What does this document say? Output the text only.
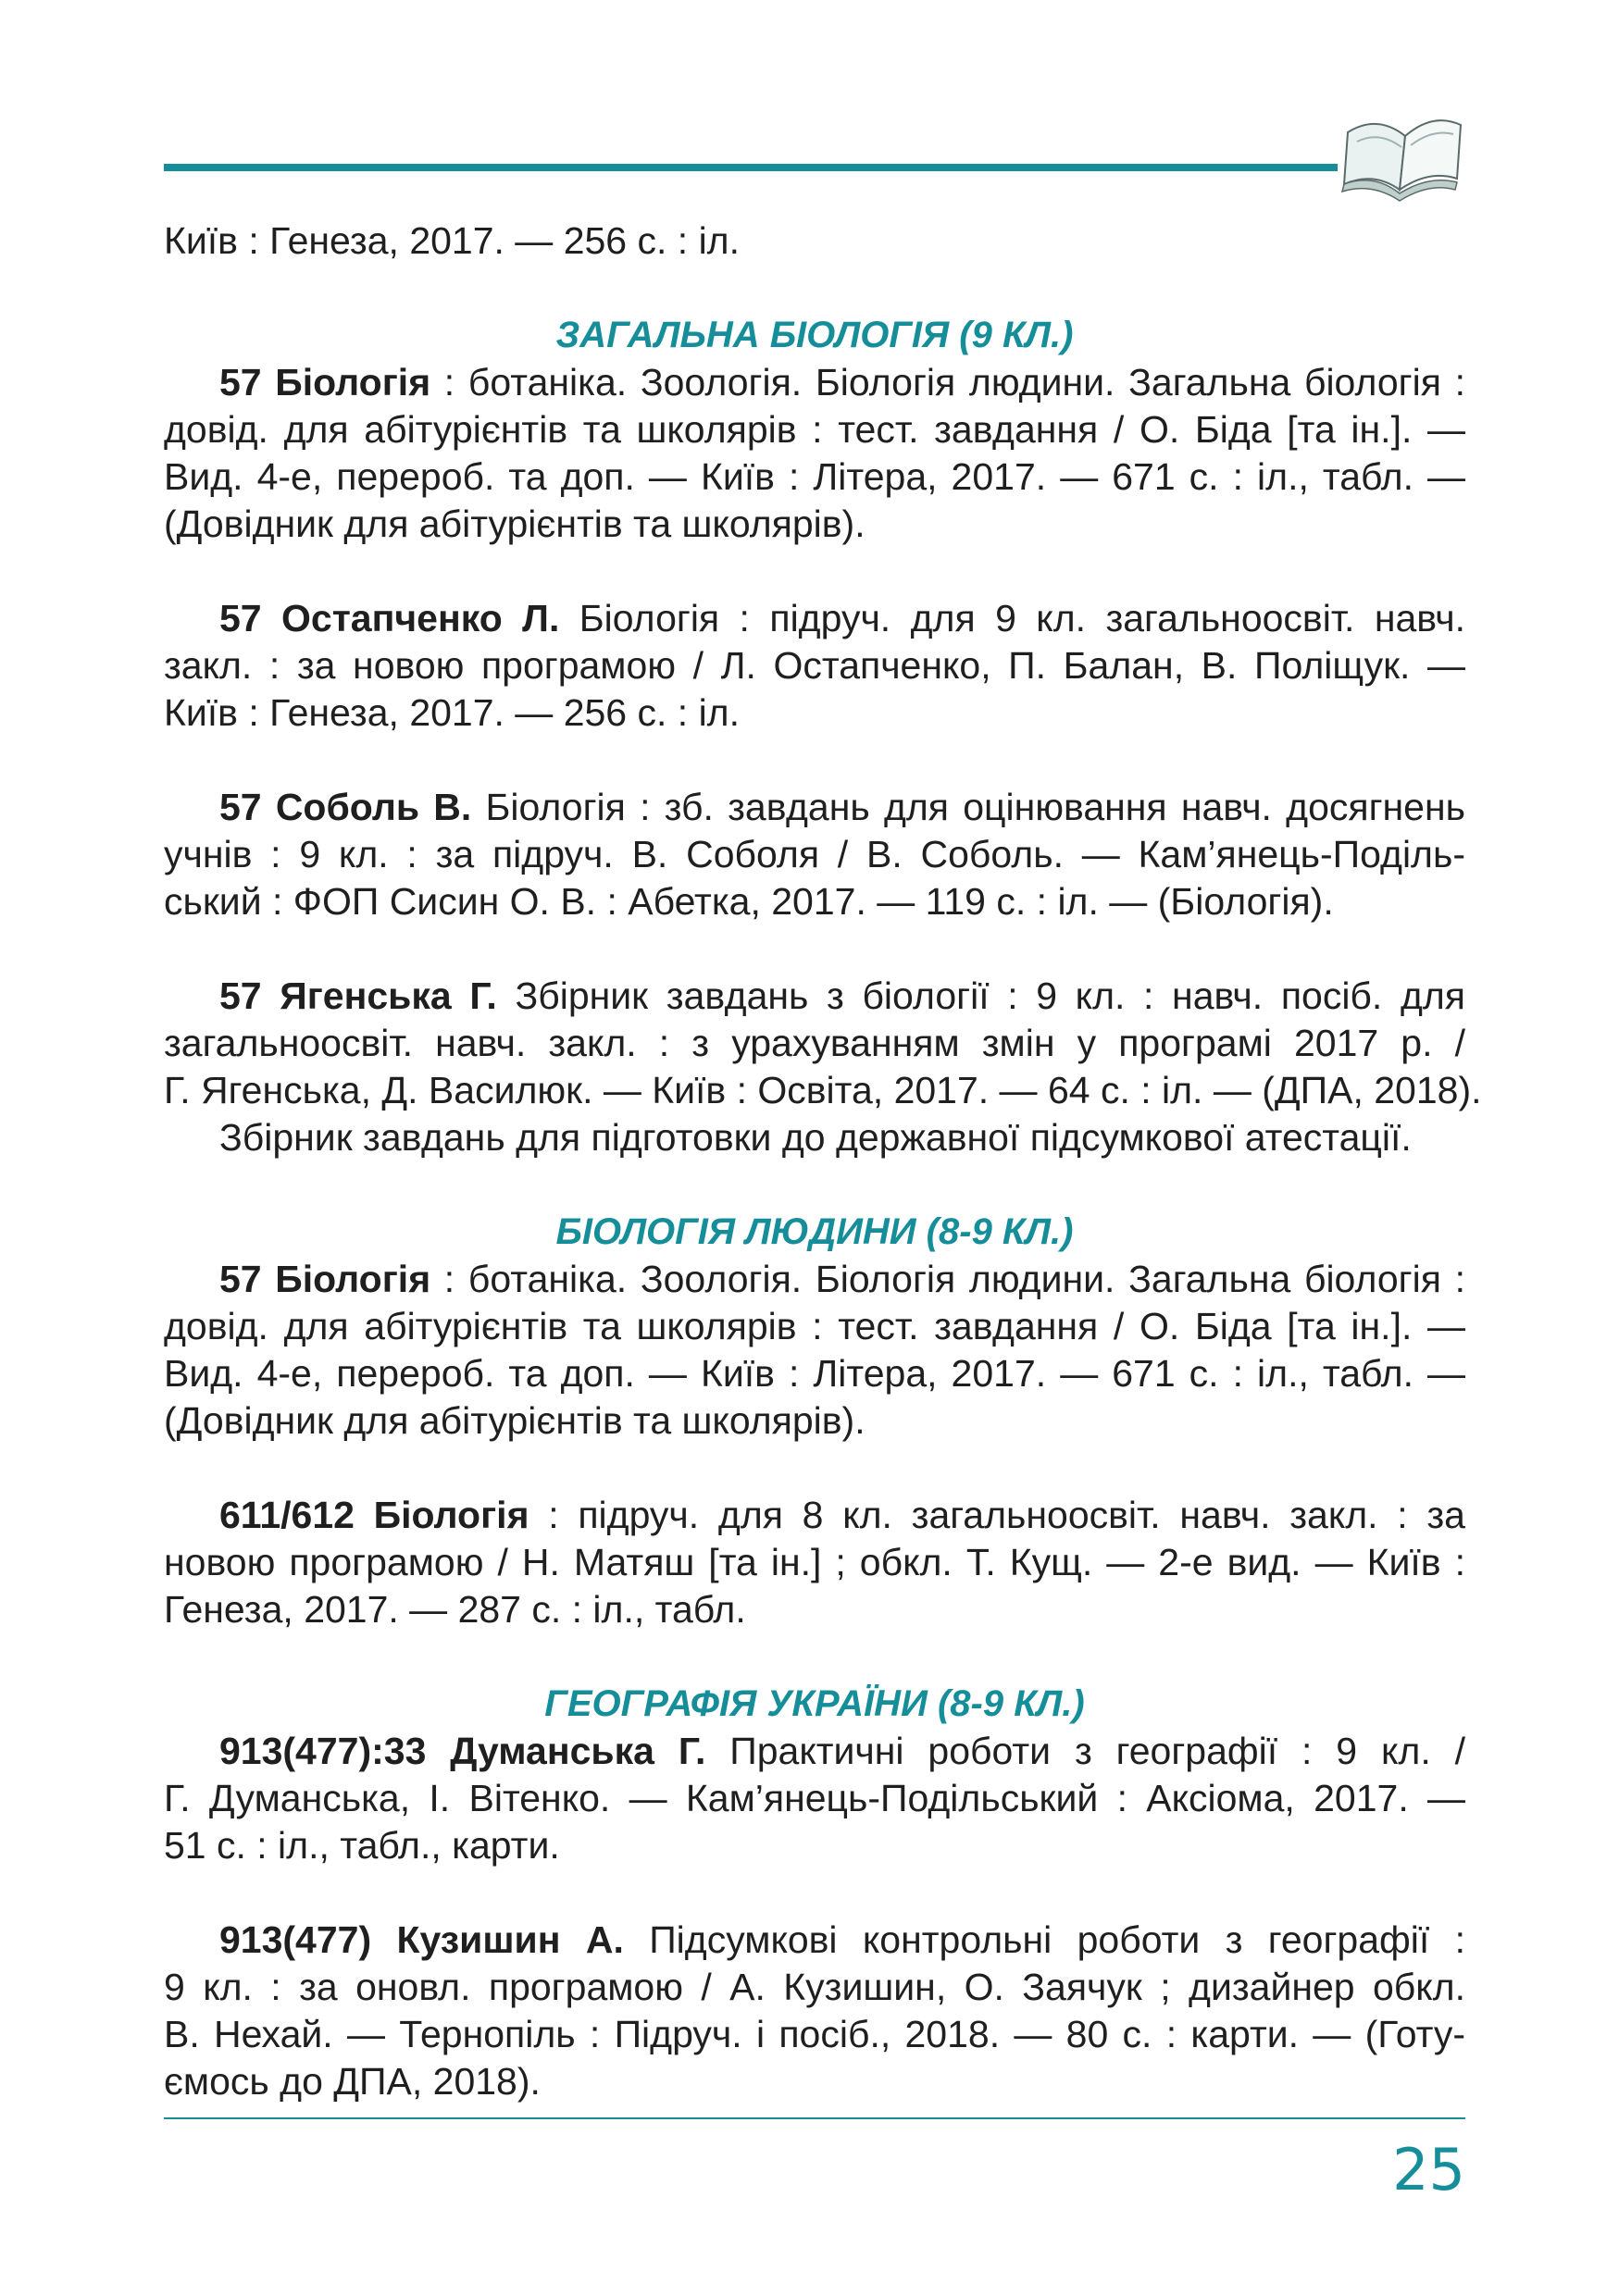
Київ : Генеза, 2017. — 256 с. : іл.

ЗАГАЛЬНА БІОЛОГІЯ (9 КЛ.)

57 Біологія : ботаніка. Зоологія. Біологія людини. Загальна біологія :

довід. для абітурієнтів та школярів : тест. завдання / О. Біда [та ін.]. —

Вид. 4-е, перероб. та доп. — Київ : Літера, 2017. — 671 с. : іл., табл. —

(Довідник для абітурієнтів та школярів).

57 Остапченко Л. Біологія : підруч. для 9 кл. загальноосвіт. навч.

закл. : за новою програмою / Л. Остапченко, П. Балан, В. Поліщук. —

Київ : Генеза, 2017. — 256 с. : іл.

57 Соболь В. Біологія : зб. завдань для оцінювання навч. досягнень

учнів : 9 кл. : за підруч. В. Соболя / В. Соболь. — Кам’янець-Поділь-

ський : ФОП Сисин О. В. : Абетка, 2017. — 119 с. : іл. — (Біологія).

57 Ягенська Г. Збірник завдань з біології : 9 кл. : навч. посіб. для

загальноосвіт. навч. закл. : з урахуванням змін у програмі 2017 р. /

Г. Ягенська, Д. Василюк. — Київ : Освіта, 2017. — 64 с. : іл. — (ДПА, 2018).

Збірник завдань для підготовки до державної підсумкової атестації.

БІОЛОГІЯ ЛЮДИНИ (8-9 КЛ.)

57 Біологія : ботаніка. Зоологія. Біологія людини. Загальна біологія :

довід. для абітурієнтів та школярів : тест. завдання / О. Біда [та ін.]. —

Вид. 4-е, перероб. та доп. — Київ : Літера, 2017. — 671 с. : іл., табл. —

(Довідник для абітурієнтів та школярів).

611/612 Біологія : підруч. для 8 кл. загальноосвіт. навч. закл. : за

новою програмою / Н. Матяш [та ін.] ; обкл. Т. Кущ. — 2-е вид. — Київ :

Генеза, 2017. — 287 с. : іл., табл.

ГЕОГРАФІЯ УКРАЇНИ (8-9 КЛ.)

913(477):33 Думанська Г. Практичні роботи з географії : 9 кл. /

Г. Думанська, І. Вітенко. — Кам’янець-Подільський : Аксіома, 2017. —

51 с. : іл., табл., карти.

913(477) Кузишин А. Підсумкові контрольні роботи з географії :

9 кл. : за оновл. програмою / А. Кузишин, О. Заячук ; дизайнер обкл.

В. Нехай. — Тернопіль : Підруч. і посіб., 2018. — 80 с. : карти. — (Готу-

ємось до ДПА, 2018).

25
